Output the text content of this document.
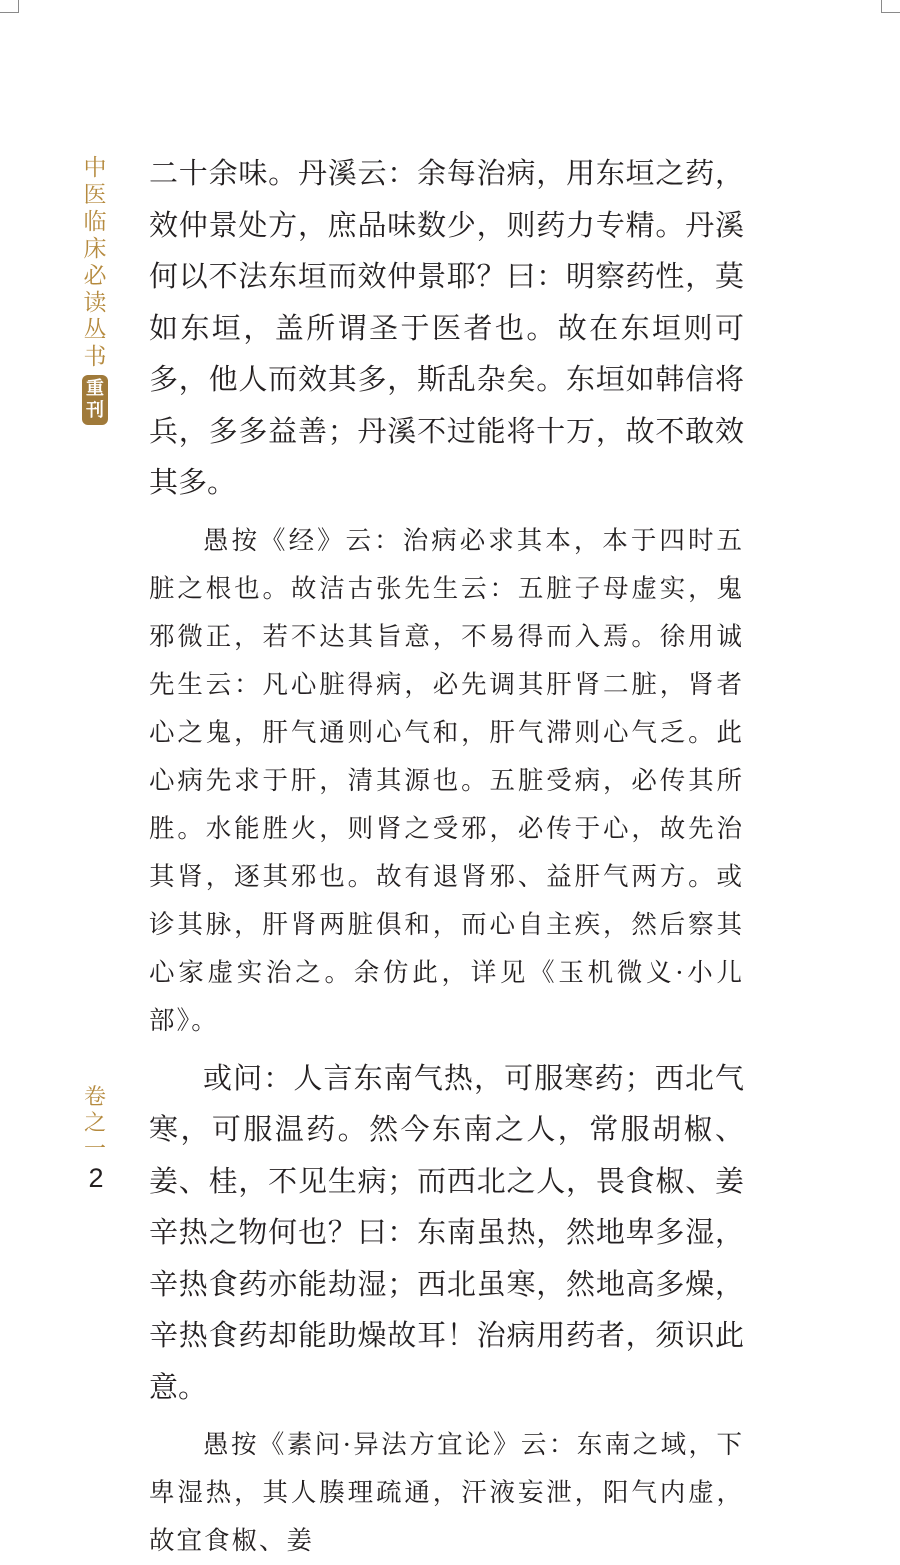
中
医
临
床
必
读
丛
书
重
刊
卷
之
一
2

二十余味。丹溪云：余每治病，用东垣之药，效仲景处方，庶品味数少，则药力专精。丹溪何以不法东垣而效仲景耶？曰：明察药性，莫如东垣，盖所谓圣于医者也。故在东垣则可多，他人而效其多，斯乱杂矣。东垣如韩信将兵，多多益善；丹溪不过能将十万，故不敢效其多。

愚按《经》云：治病必求其本，本于四时五脏之根也。故洁古张先生云：五脏子母虚实，鬼邪微正，若不达其旨意，不易得而入焉。徐用诚先生云：凡心脏得病，必先调其肝肾二脏，肾者心之鬼，肝气通则心气和，肝气滞则心气乏。此心病先求于肝，清其源也。五脏受病，必传其所胜。水能胜火，则肾之受邪，必传于心，故先治其肾，逐其邪也。故有退肾邪、益肝气两方。或诊其脉，肝肾两脏俱和，而心自主疾，然后察其心家虚实治之。余仿此，详见《玉机微义·小儿部》。

或问：人言东南气热，可服寒药；西北气寒，可服温药。然今东南之人，常服胡椒、姜、桂，不见生病；而西北之人，畏食椒、姜辛热之物何也？曰：东南虽热，然地卑多湿，辛热食药亦能劫湿；西北虽寒，然地高多燥，辛热食药却能助燥故耳！治病用药者，须识此意。

愚按《素问·异法方宜论》云：东南之域，下卑湿热，其人腠理疏通，汗液妄泄，阳气内虚，故宜食椒、姜
